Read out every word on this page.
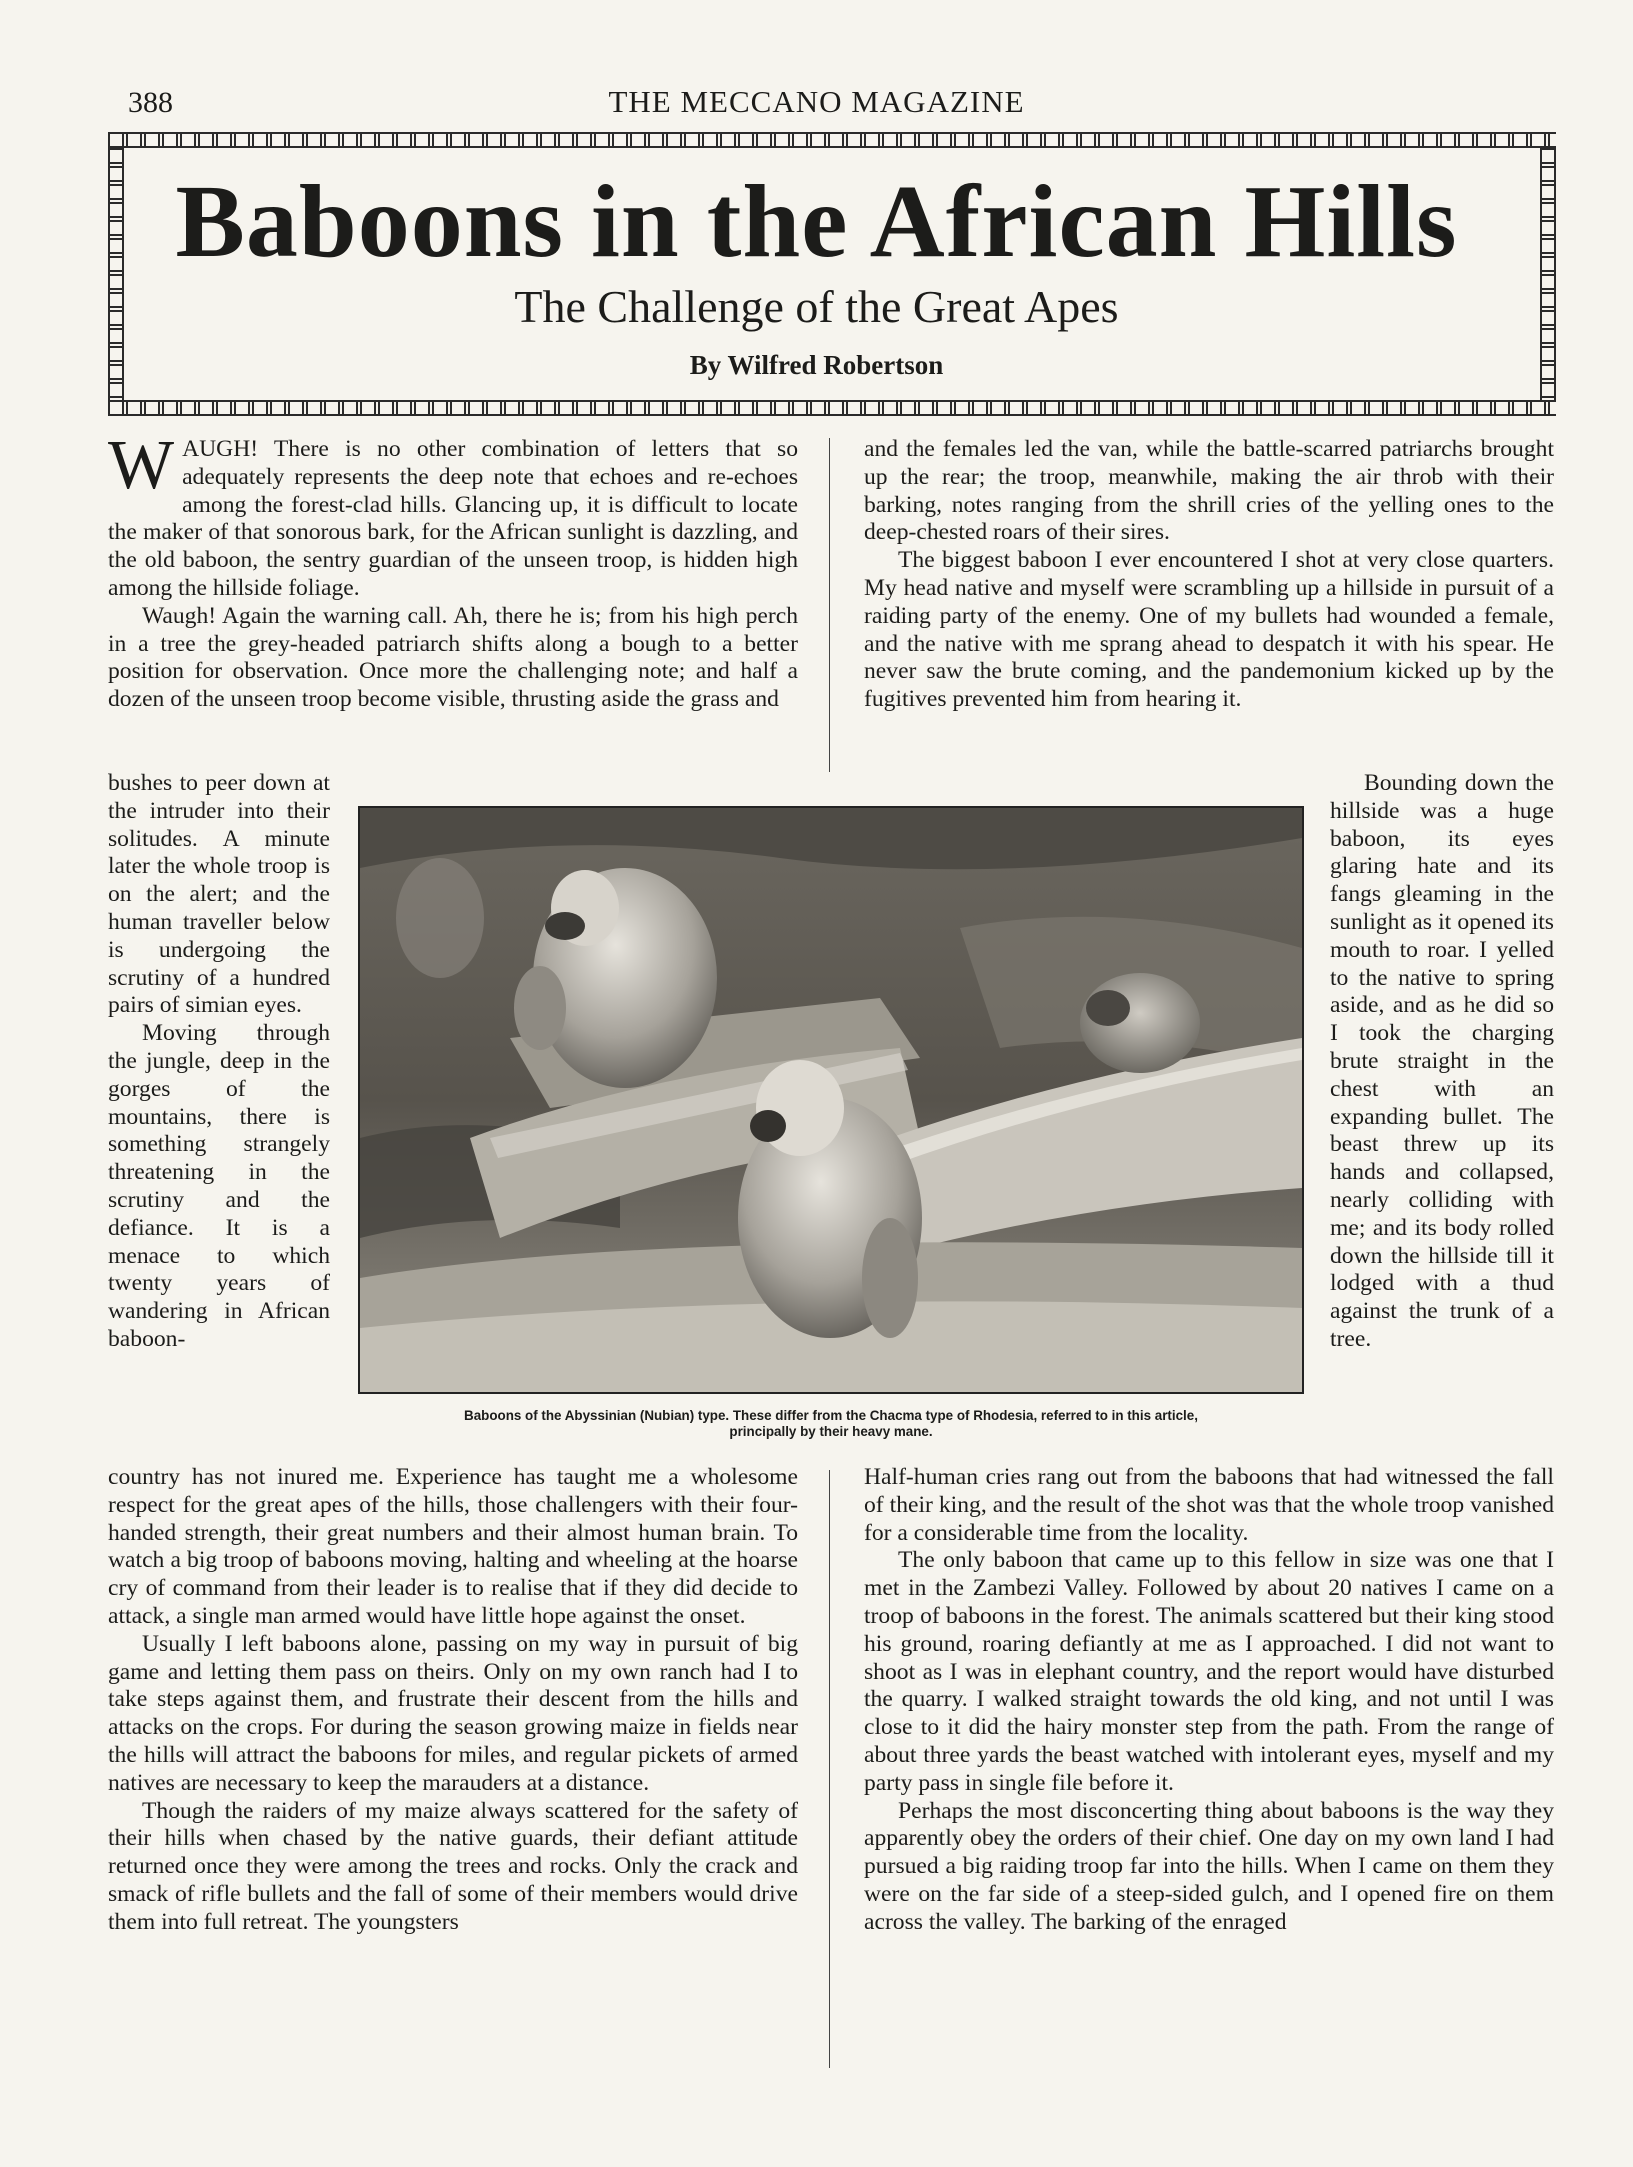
388	THE MECCANO MAGAZINE
Baboons in the African Hills
The Challenge of the Great Apes
By Wilfred Robertson

WAUGH! There is no other combination of letters that so adequately represents the deep note that echoes and re-echoes among the forest-clad hills. Glancing up, it is difficult to locate the maker of that sonorous bark, for the African sunlight is dazzling, and the old baboon, the sentry guardian of the unseen troop, is hidden high among the hillside foliage.

Waugh! Again the warning call. Ah, there he is; from his high perch in a tree the grey-headed patriarch shifts along a bough to a better position for observation. Once more the challenging note; and half a dozen of the unseen troop become visible, thrusting aside the grass and

bushes to peer down at the intruder into their solitudes. A minute later the whole troop is on the alert; and the human traveller below is undergoing the scrutiny of a hundred pairs of simian eyes.

Moving through the jungle, deep in the gorges of the mountains, there is something strangely threatening in the scrutiny and the defiance. It is a menace to which twenty years of wandering in African baboon-

and the females led the van, while the battle-scarred patriarchs brought up the rear; the troop, meanwhile, making the air throb with their barking, notes ranging from the shrill cries of the yelling ones to the deep-chested roars of their sires.

The biggest baboon I ever encountered I shot at very close quarters. My head native and myself were scrambling up a hillside in pursuit of a raiding party of the enemy. One of my bullets had wounded a female, and the native with me sprang ahead to despatch it with his spear. He never saw the brute coming, and the pandemonium kicked up by the fugitives prevented him from hearing it.

Bounding down the hillside was a huge baboon, its eyes glaring hate and its fangs gleaming in the sunlight as it opened its mouth to roar. I yelled to the native to spring aside, and as he did so I took the charging brute straight in the chest with an expanding bullet. The beast threw up its hands and collapsed, nearly colliding with me; and its body rolled down the hillside till it lodged with a thud against the trunk of a tree.

Baboons of the Abyssinian (Nubian) type. These differ from the Chacma type of Rhodesia, referred to in this article,
principally by their heavy mane.

country has not inured me. Experience has taught me a wholesome respect for the great apes of the hills, those challengers with their four-handed strength, their great numbers and their almost human brain. To watch a big troop of baboons moving, halting and wheeling at the hoarse cry of command from their leader is to realise that if they did decide to attack, a single man armed would have little hope against the onset.

Usually I left baboons alone, passing on my way in pursuit of big game and letting them pass on theirs. Only on my own ranch had I to take steps against them, and frustrate their descent from the hills and attacks on the crops. For during the season growing maize in fields near the hills will attract the baboons for miles, and regular pickets of armed natives are necessary to keep the marauders at a distance.

Though the raiders of my maize always scattered for the safety of their hills when chased by the native guards, their defiant attitude returned once they were among the trees and rocks. Only the crack and smack of rifle bullets and the fall of some of their members would drive them into full retreat. The youngsters

Half-human cries rang out from the baboons that had witnessed the fall of their king, and the result of the shot was that the whole troop vanished for a considerable time from the locality.

The only baboon that came up to this fellow in size was one that I met in the Zambezi Valley. Followed by about 20 natives I came on a troop of baboons in the forest. The animals scattered but their king stood his ground, roaring defiantly at me as I approached. I did not want to shoot as I was in elephant country, and the report would have disturbed the quarry. I walked straight towards the old king, and not until I was close to it did the hairy monster step from the path. From the range of about three yards the beast watched with intolerant eyes, myself and my party pass in single file before it.

Perhaps the most disconcerting thing about baboons is the way they apparently obey the orders of their chief. One day on my own land I had pursued a big raiding troop far into the hills. When I came on them they were on the far side of a steep-sided gulch, and I opened fire on them across the valley. The barking of the enraged
